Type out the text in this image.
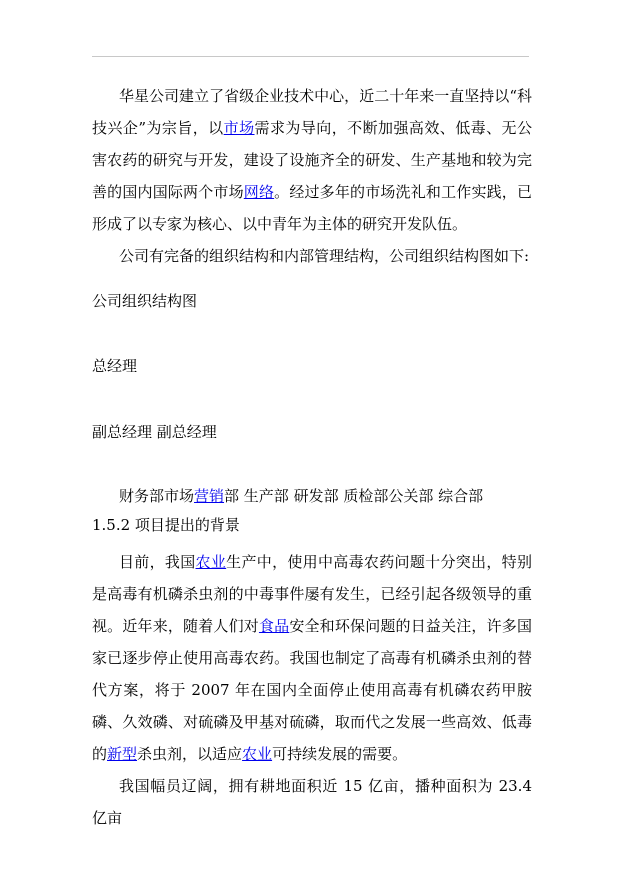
华星公司建立了省级企业技术中心，近二十年来一直坚持以“科技兴企”为宗旨，以市场需求为导向，不断加强高效、低毒、无公害农药的研究与开发，建设了设施齐全的研发、生产基地和较为完善的国内国际两个市场网络。经过多年的市场洗礼和工作实践，已形成了以专家为核心、以中青年为主体的研究开发队伍。

公司有完备的组织结构和内部管理结构，公司组织结构图如下:

公司组织结构图

总经理

副总经理 副总经理

财务部市场营销部 生产部 研发部 质检部公关部 综合部

1.5.2 项目提出的背景

目前，我国农业生产中，使用中高毒农药问题十分突出，特别是高毒有机磷杀虫剂的中毒事件屡有发生，已经引起各级领导的重视。近年来，随着人们对食品安全和环保问题的日益关注，许多国家已逐步停止使用高毒农药。我国也制定了高毒有机磷杀虫剂的替代方案，将于 2007 年在国内全面停止使用高毒有机磷农药甲胺磷、久效磷、对硫磷及甲基对硫磷，取而代之发展一些高效、低毒的新型杀虫剂，以适应农业可持续发展的需要。

我国幅员辽阔，拥有耕地面积近 15 亿亩，播种面积为 23.4 亿亩
